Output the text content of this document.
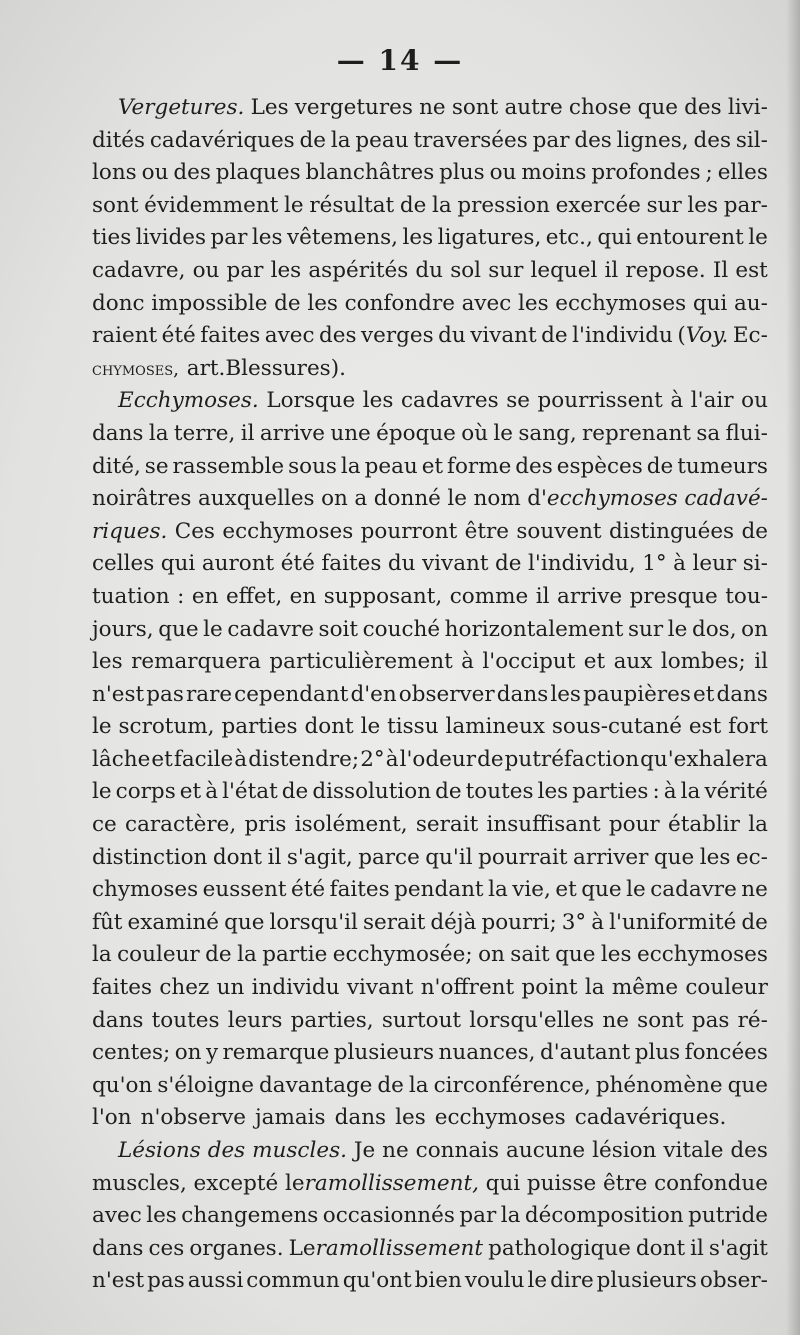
— 14 —
Vergetures. Les vergetures ne sont autre chose que des livi-
dités cadavériques de la peau traversées par des lignes, des sil-
lons ou des plaques blanchâtres plus ou moins profondes ; elles
sont évidemment le résultat de la pression exercée sur les par-
ties livides par les vêtemens, les ligatures, etc., qui entourent le
cadavre, ou par les aspérités du sol sur lequel il repose. Il est
donc impossible de les confondre avec les ecchymoses qui au-
raient été faites avec des verges du vivant de l'individu (Voy. Ec-
chymoses, art.Blessures).
Ecchymoses. Lorsque les cadavres se pourrissent à l'air ou
dans la terre, il arrive une époque où le sang, reprenant sa flui-
dité, se rassemble sous la peau et forme des espèces de tumeurs
noirâtres auxquelles on a donné le nom d'ecchymoses cadavé-
riques. Ces ecchymoses pourront être souvent distinguées de
celles qui auront été faites du vivant de l'individu, 1° à leur si-
tuation : en effet, en supposant, comme il arrive presque tou-
jours, que le cadavre soit couché horizontalement sur le dos, on
les remarquera particulièrement à l'occiput et aux lombes; il
n'est pas rare cependant d'en observer dans les paupières et dans
le scrotum, parties dont le tissu lamineux sous-cutané est fort
lâche et facile à distendre; 2° à l'odeur de putréfaction qu'exhalera
le corps et à l'état de dissolution de toutes les parties : à la vérité
ce caractère, pris isolément, serait insuffisant pour établir la
distinction dont il s'agit, parce qu'il pourrait arriver que les ec-
chymoses eussent été faites pendant la vie, et que le cadavre ne
fût examiné que lorsqu'il serait déjà pourri; 3° à l'uniformité de
la couleur de la partie ecchymosée; on sait que les ecchymoses
faites chez un individu vivant n'offrent point la même couleur
dans toutes leurs parties, surtout lorsqu'elles ne sont pas ré-
centes; on y remarque plusieurs nuances, d'autant plus foncées
qu'on s'éloigne davantage de la circonférence, phénomène que
l'on n'observe jamais dans les ecchymoses cadavériques.
Lésions des muscles. Je ne connais aucune lésion vitale des
muscles, excepté leramollissement, qui puisse être confondue
avec les changemens occasionnés par la décomposition putride
dans ces organes. Leramollissement pathologique dont il s'agit
n'est pas aussi commun qu'ont bien voulu le dire plusieurs obser-
